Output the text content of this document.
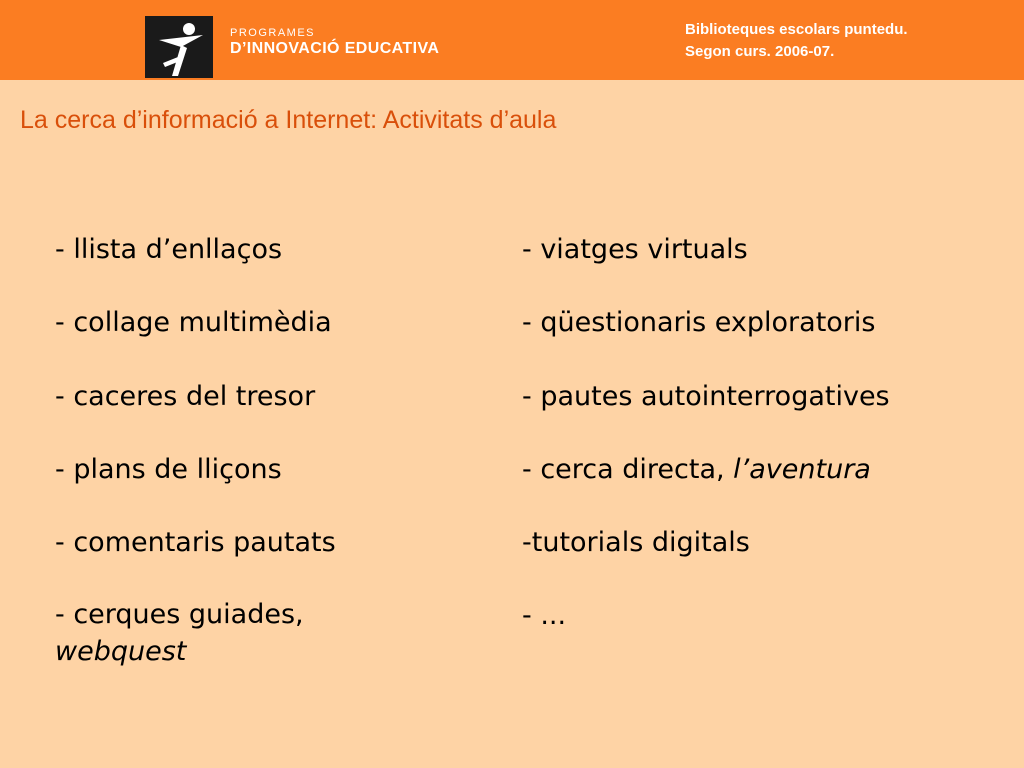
PROGRAMES
D’INNOVACIÓ EDUCATIVA
Biblioteques escolars puntedu.
Segon curs. 2006-07.
La cerca d’informació a Internet: Activitats d’aula
- llista d’enllaços
- collage multimèdia
- caceres del tresor
- plans de lliçons
- comentaris pautats
- cerques guiades,
webquest
- viatges virtuals
- qüestionaris exploratoris
- pautes autointerrogatives
- cerca directa, l’aventura
-tutorials digitals
- ...
